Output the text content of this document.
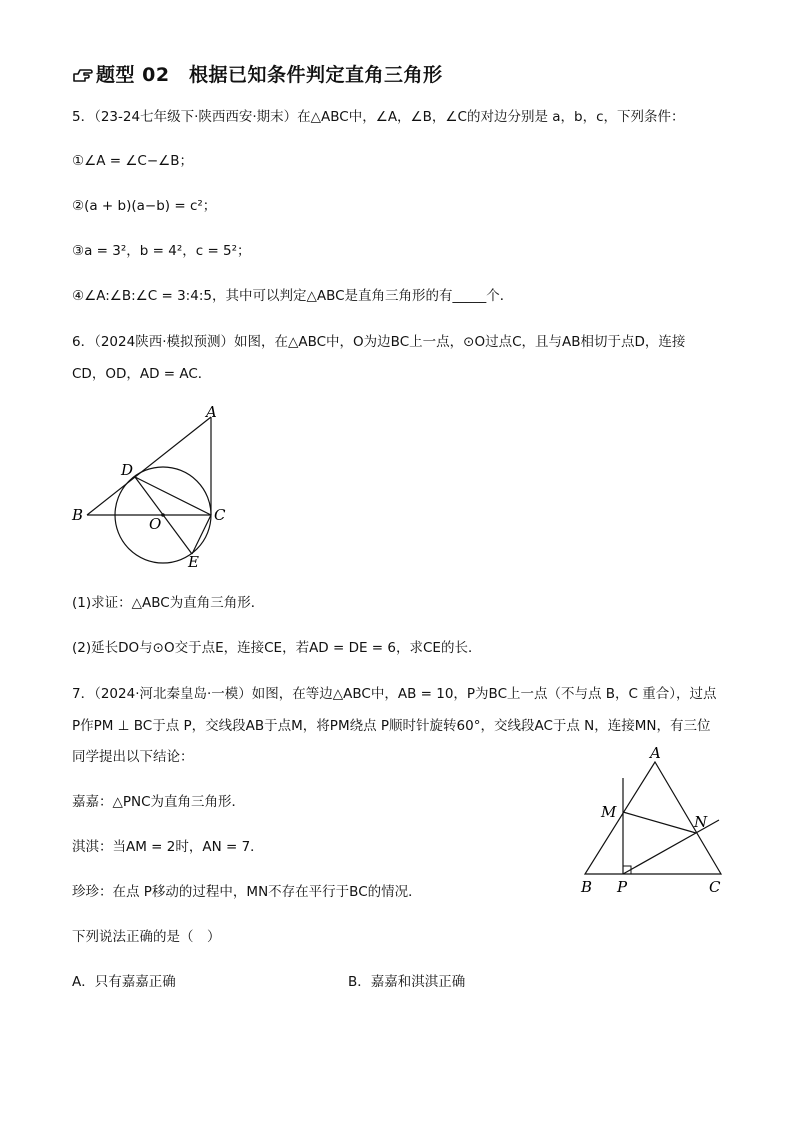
题型 02　根据已知条件判定直角三角形
5．（23-24七年级下·陕西西安·期末）在△ABC中，∠A，∠B，∠C的对边分别是 a，b，c，下列条件：
①∠A = ∠C−∠B；
②(a + b)(a−b) = c²；
③a = 3²，b = 4²，c = 5²；
④∠A:∠B:∠C = 3:4:5，其中可以判定△ABC是直角三角形的有_____个．
6．（2024陕西·模拟预测）如图，在△ABC中，O为边BC上一点，⊙O过点C，且与AB相切于点D，连接
CD，OD，AD = AC．
A
B	C
D
O
E
(1)求证：△ABC为直角三角形．
(2)延长DO与⊙O交于点E，连接CE，若AD = DE = 6，求CE的长．
7．（2024·河北秦皇岛·一模）如图，在等边△ABC中，AB = 10，P为BC上一点（不与点 B，C 重合），过点
P作PM ⊥ BC于点 P，交线段AB于点M，将PM绕点 P顺时针旋转60°，交线段AC于点 N，连接MN，有三位
同学提出以下结论：	A
B	C
M
N
P
嘉嘉：△PNC为直角三角形．
淇淇：当AM = 2时，AN = 7．
珍珍：在点 P移动的过程中，MN不存在平行于BC的情况．
下列说法正确的是（　）
A．只有嘉嘉正确	B．嘉嘉和淇淇正确
